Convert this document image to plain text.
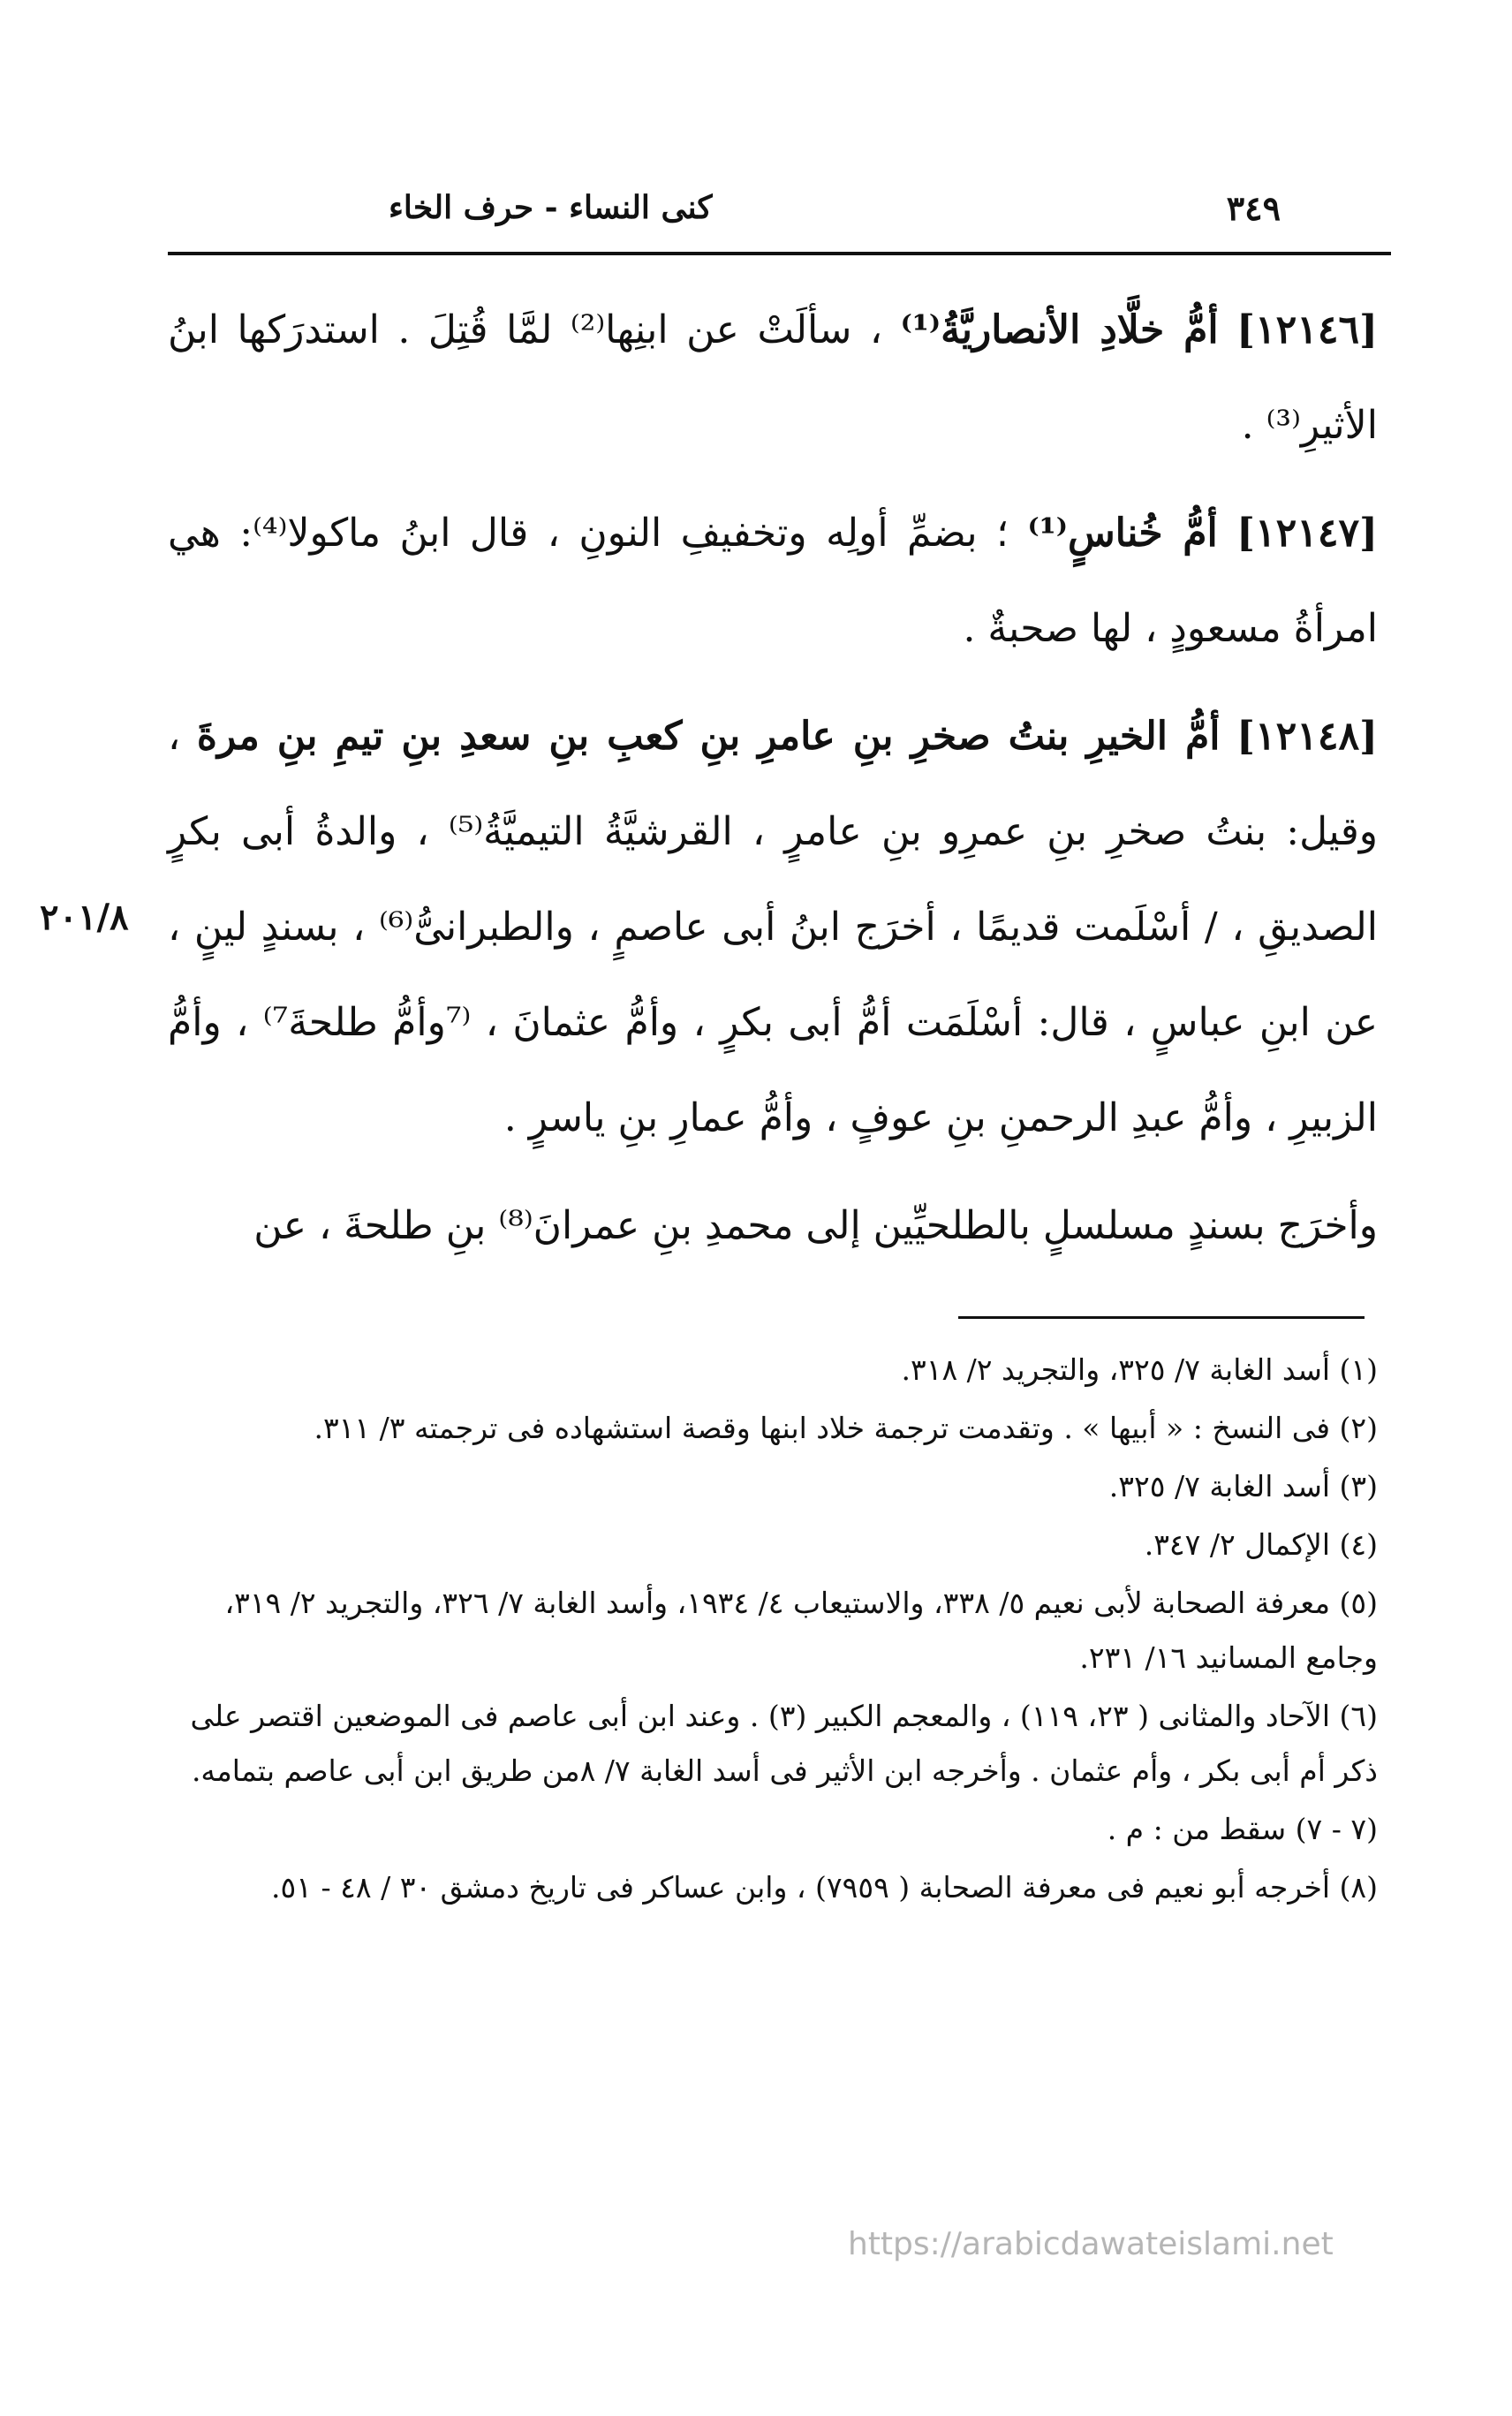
٣٤٩
كنى النساء - حرف الخاء

[١٢١٤٦] أمُّ خلَّادِ الأنصاريَّةُ⁽¹⁾ ، سألَتْ عن ابنِها⁽²⁾ لمَّا قُتِلَ . استدرَكها ابنُ الأثيرِ⁽³⁾ .

[١٢١٤٧] أمُّ خُناسٍ⁽¹⁾ ؛ بضمِّ أولِه وتخفيفِ النونِ ، قال ابنُ ماكولا⁽⁴⁾: هي امرأةُ مسعودٍ ، لها صحبةٌ .

[١٢١٤٨] أمُّ الخيرِ بنتُ صخرِ بنِ عامرِ بنِ كعبِ بنِ سعدِ بنِ تيمِ بنِ مرةَ ، وقيل: بنتُ صخرِ بنِ عمرِو بنِ عامرٍ ، القرشيَّةُ التيميَّةُ⁽⁵⁾ ، والدةُ أبى بكرٍ الصديقِ ، / أسْلَمت قديمًا ، أخرَج ابنُ أبى عاصمٍ ، والطبرانىُّ⁽⁶⁾ ، بسندٍ لينٍ ، عن ابنِ عباسٍ ، قال: أسْلَمَت أمُّ أبى بكرٍ ، وأمُّ عثمانَ ، ⁽⁷وأمُّ طلحةَ⁷⁾ ، وأمُّ الزبيرِ ، وأمُّ عبدِ الرحمنِ بنِ عوفٍ ، وأمُّ عمارِ بنِ ياسرٍ .

وأخرَج بسندٍ مسلسلٍ بالطلحيِّين إلى محمدِ بنِ عمرانَ⁽⁸⁾ بنِ طلحةَ ، عن

٢٠١/٨

(١) أسد الغابة ٧/ ٣٢٥، والتجريد ٢/ ٣١٨.

(٢) فى النسخ : « أبيها » . وتقدمت ترجمة خلاد ابنها وقصة استشهاده فى ترجمته ٣/ ٣١١.

(٣) أسد الغابة ٧/ ٣٢٥.

(٤) الإكمال ٢/ ٣٤٧.

(٥) معرفة الصحابة لأبى نعيم ٥/ ٣٣٨، والاستيعاب ٤/ ١٩٣٤، وأسد الغابة ٧/ ٣٢٦، والتجريد ٢/ ٣١٩، وجامع المسانيد ١٦/ ٢٣١.

(٦) الآحاد والمثانى ( ٢٣، ١١٩) ، والمعجم الكبير (٣) . وعند ابن أبى عاصم فى الموضعين اقتصر على ذكر أم أبى بكر ، وأم عثمان . وأخرجه ابن الأثير فى أسد الغابة ٧/ ٨من طريق ابن أبى عاصم بتمامه.

(٧ - ٧) سقط من : م .

(٨) أخرجه أبو نعيم فى معرفة الصحابة ( ٧٩٥٩) ، وابن عساكر فى تاريخ دمشق ٣٠ / ٤٨ - ٥١.

https://arabicdawateislami.net
